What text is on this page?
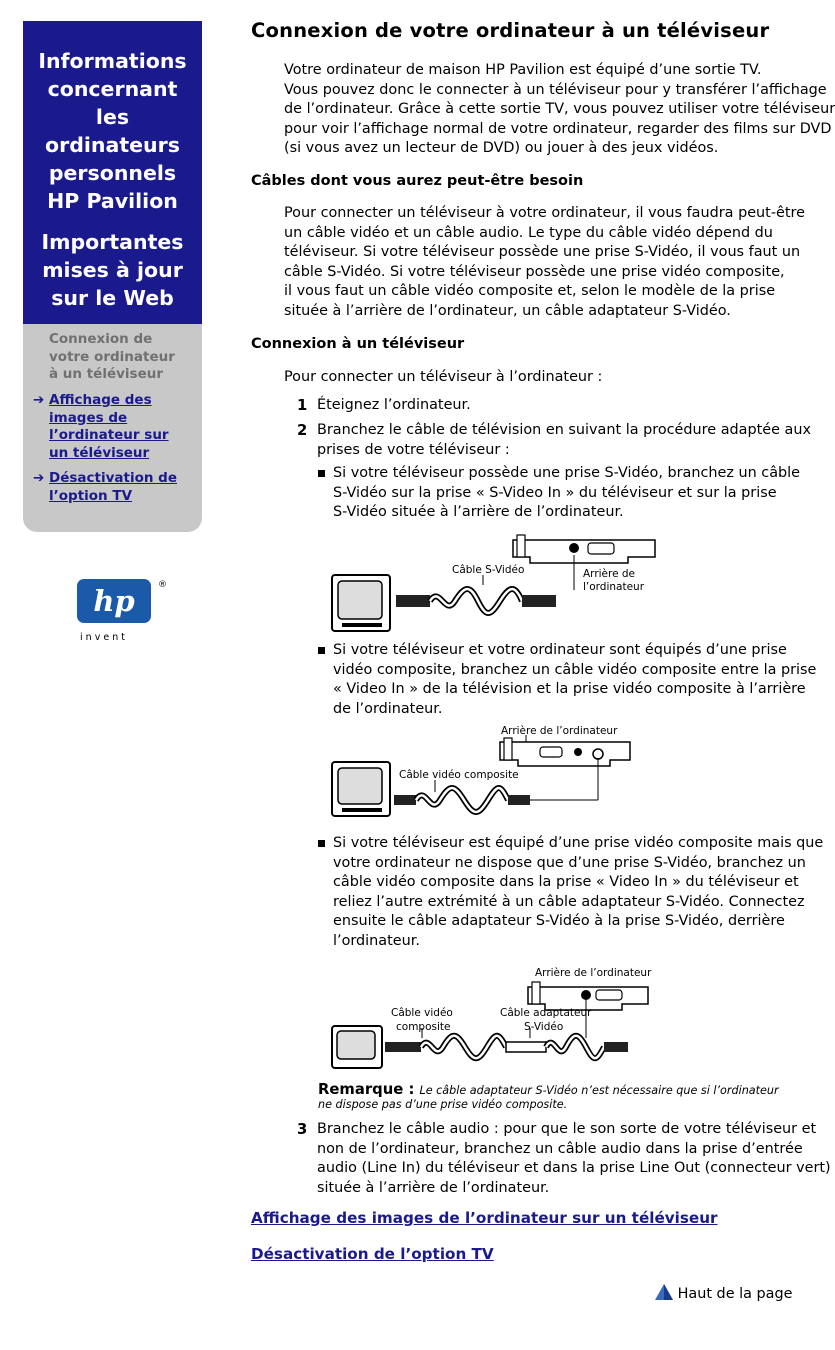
Informations

concernant

les

ordinateurs

personnels

HP Pavilion

Importantes

mises à jour

sur le Web

Connexion de
votre ordinateur
à un téléviseur
➔ Affichage des
images de
l’ordinateur sur
un téléviseur
➔ Désactivation de
l’option TV
hp	®
i n v e n t
Connexion de votre ordinateur à un téléviseur
Votre ordinateur de maison HP Pavilion est équipé d’une sortie TV.
Vous pouvez donc le connecter à un téléviseur pour y transférer l’affichage
de l’ordinateur. Grâce à cette sortie TV, vous pouvez utiliser votre téléviseur
pour voir l’affichage normal de votre ordinateur, regarder des films sur DVD
(si vous avez un lecteur de DVD) ou jouer à des jeux vidéos.
Câbles dont vous aurez peut-être besoin
Pour connecter un téléviseur à votre ordinateur, il vous faudra peut-être
un câble vidéo et un câble audio. Le type du câble vidéo dépend du
téléviseur. Si votre téléviseur possède une prise S-Vidéo, il vous faut un
câble S-Vidéo. Si votre téléviseur possède une prise vidéo composite,
il vous faut un câble vidéo composite et, selon le modèle de la prise
située à l’arrière de l’ordinateur, un câble adaptateur S-Vidéo.
Connexion à un téléviseur
Pour connecter un téléviseur à l’ordinateur :
1 Éteignez l’ordinateur.
2 Branchez le câble de télévision en suivant la procédure adaptée aux
prises de votre téléviseur :
Si votre téléviseur possède une prise S-Vidéo, branchez un câble
S-Vidéo sur la prise « S-Video In » du téléviseur et sur la prise
S-Vidéo située à l’arrière de l’ordinateur.
Câble S-Vidéo	Arrière de
l’ordinateur
Si votre téléviseur et votre ordinateur sont équipés d’une prise
vidéo composite, branchez un câble vidéo composite entre la prise
« Video In » de la télévision et la prise vidéo composite à l’arrière
de l’ordinateur.
Arrière de l’ordinateur
Câble vidéo composite
Si votre téléviseur est équipé d’une prise vidéo composite mais que
votre ordinateur ne dispose que d’une prise S-Vidéo, branchez un
câble vidéo composite dans la prise « Video In » du téléviseur et
reliez l’autre extrémité à un câble adaptateur S-Vidéo. Connectez
ensuite le câble adaptateur S-Vidéo à la prise S-Vidéo, derrière
l’ordinateur.
Arrière de l’ordinateur
Câble vidéo
composite
Câble adaptateur
S-Vidéo
Remarque : Le câble adaptateur S-Vidéo n’est nécessaire que si l’ordinateur
ne dispose pas d’une prise vidéo composite.
3 Branchez le câble audio : pour que le son sorte de votre téléviseur et
non de l’ordinateur, branchez un câble audio dans la prise d’entrée
audio (Line In) du téléviseur et dans la prise Line Out (connecteur vert)
située à l’arrière de l’ordinateur.
Affichage des images de l’ordinateur sur un téléviseur
Désactivation de l’option TV
Haut de la page
